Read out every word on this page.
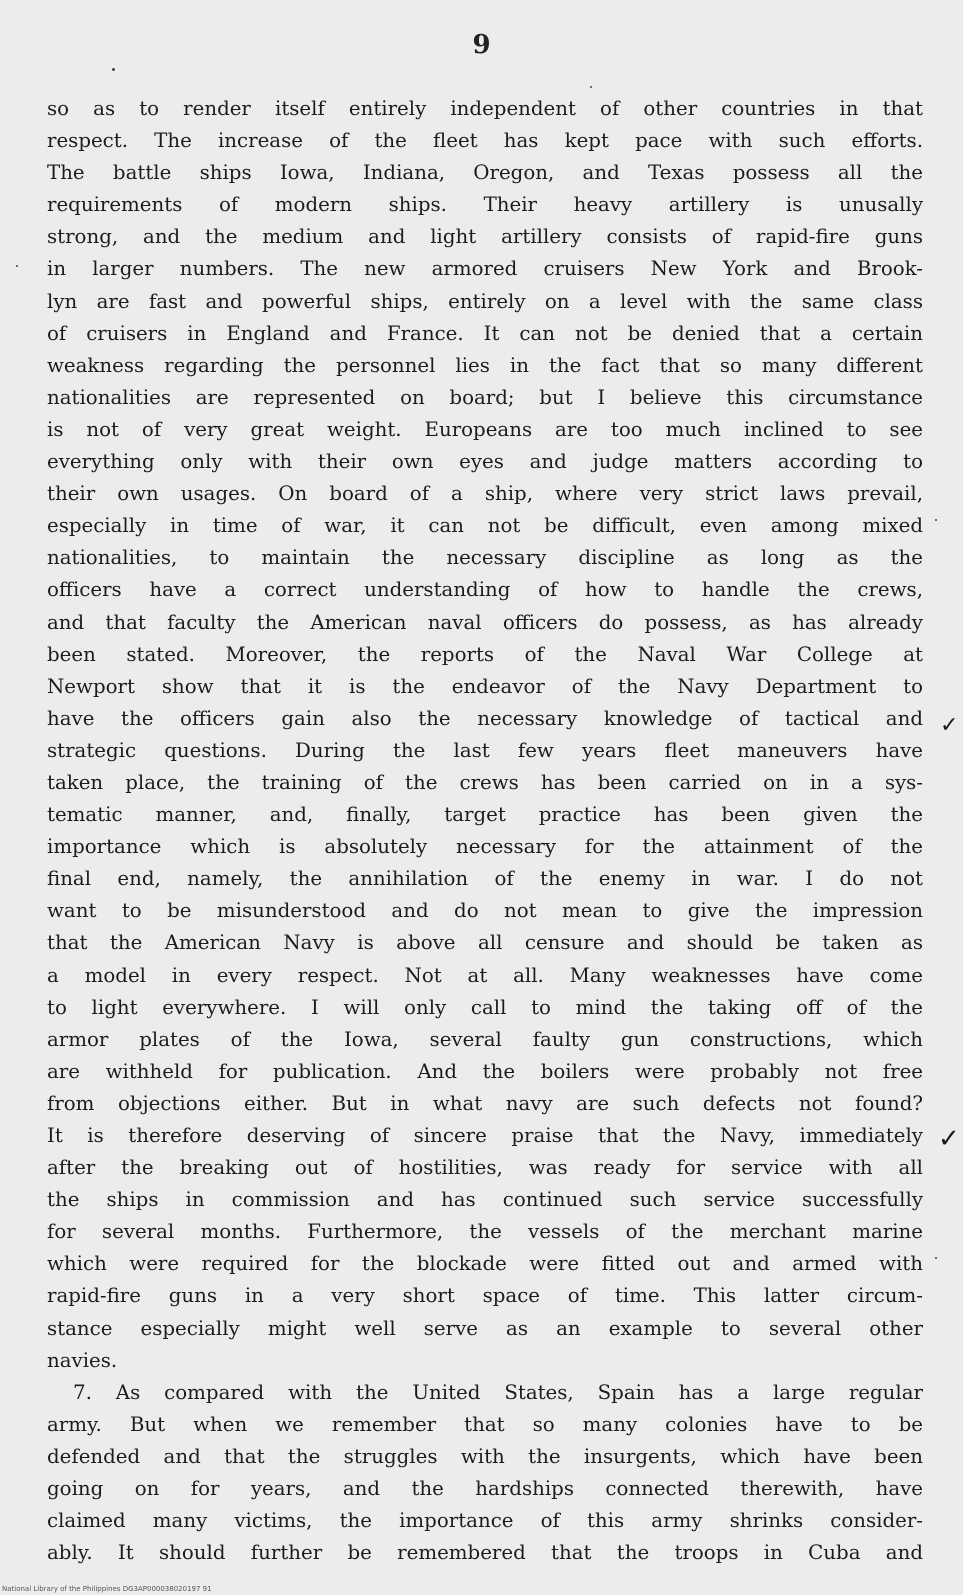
9
so as to render itself entirely independent of other countries in that
respect. The increase of the fleet has kept pace with such efforts.
The battle ships Iowa, Indiana, Oregon, and Texas possess all the
requirements of modern ships. Their heavy artillery is unusally
strong, and the medium and light artillery consists of rapid-fire guns
in larger numbers. The new armored cruisers New York and Brook-
lyn are fast and powerful ships, entirely on a level with the same class
of cruisers in England and France. It can not be denied that a certain
weakness regarding the personnel lies in the fact that so many different
nationalities are represented on board; but I believe this circumstance
is not of very great weight. Europeans are too much inclined to see
everything only with their own eyes and judge matters according to
their own usages. On board of a ship, where very strict laws prevail,
especially in time of war, it can not be difficult, even among mixed
nationalities, to maintain the necessary discipline as long as the
officers have a correct understanding of how to handle the crews,
and that faculty the American naval officers do possess, as has already
been stated. Moreover, the reports of the Naval War College at
Newport show that it is the endeavor of the Navy Department to
have the officers gain also the necessary knowledge of tactical and
strategic questions. During the last few years fleet maneuvers have
taken place, the training of the crews has been carried on in a sys-
tematic manner, and, finally, target practice has been given the
importance which is absolutely necessary for the attainment of the
final end, namely, the annihilation of the enemy in war. I do not
want to be misunderstood and do not mean to give the impression
that the American Navy is above all censure and should be taken as
a model in every respect. Not at all. Many weaknesses have come
to light everywhere. I will only call to mind the taking off of the
armor plates of the Iowa, several faulty gun constructions, which
are withheld for publication. And the boilers were probably not free
from objections either. But in what navy are such defects not found?
It is therefore deserving of sincere praise that the Navy, immediately
after the breaking out of hostilities, was ready for service with all
the ships in commission and has continued such service successfully
for several months. Furthermore, the vessels of the merchant marine
which were required for the blockade were fitted out and armed with
rapid-fire guns in a very short space of time. This latter circum-
stance especially might well serve as an example to several other
navies.
7. As compared with the United States, Spain has a large regular
army. But when we remember that so many colonies have to be
defended and that the struggles with the insurgents, which have been
going on for years, and the hardships connected therewith, have
claimed many victims, the importance of this army shrinks consider-
ably. It should further be remembered that the troops in Cuba and
✓
✓
National Library of the Philippines DG3AP000038020197 91
